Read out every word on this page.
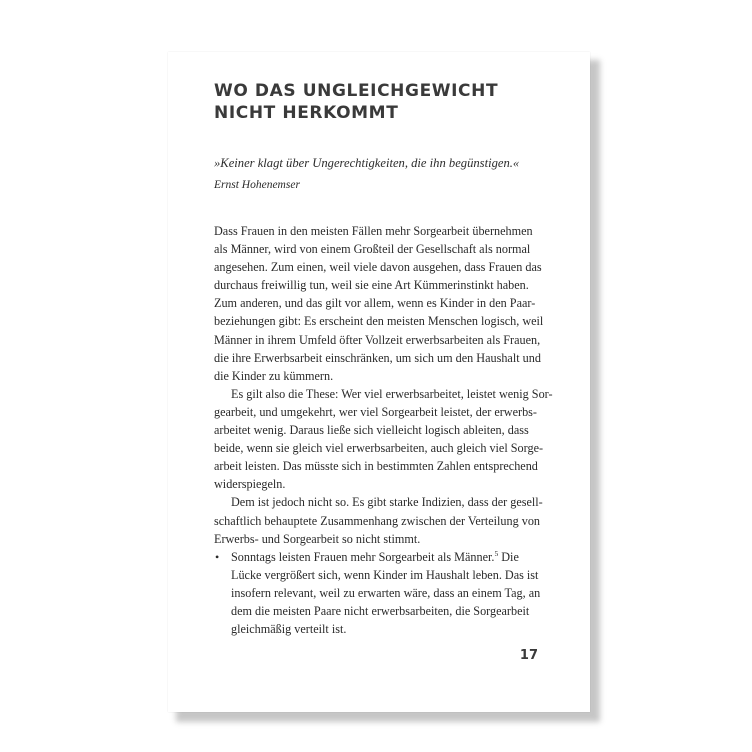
WO DAS UNGLEICHGEWICHT
NICHT HERKOMMT

»Keiner klagt über Ungerechtigkeiten, die ihn begünstigen.«

Ernst Hohenemser

Dass Frauen in den meisten Fällen mehr Sorgearbeit übernehmen
als Männer, wird von einem Großteil der Gesellschaft als normal
angesehen. Zum einen, weil viele davon ausgehen, dass Frauen das
durchaus freiwillig tun, weil sie eine Art Kümmerinstinkt haben.
Zum anderen, und das gilt vor allem, wenn es Kinder in den Paar-
beziehungen gibt: Es erscheint den meisten Menschen logisch, weil
Männer in ihrem Umfeld öfter Vollzeit erwerbsarbeiten als Frauen,
die ihre Erwerbsarbeit einschränken, um sich um den Haushalt und
die Kinder zu kümmern.

Es gilt also die These: Wer viel erwerbsarbeitet, leistet wenig Sor-
gearbeit, und umgekehrt, wer viel Sorgearbeit leistet, der erwerbs-
arbeitet wenig. Daraus ließe sich vielleicht logisch ableiten, dass
beide, wenn sie gleich viel erwerbsarbeiten, auch gleich viel Sorge-
arbeit leisten. Das müsste sich in bestimmten Zahlen entsprechend
widerspiegeln.

Dem ist jedoch nicht so. Es gibt starke Indizien, dass der gesell-
schaftlich behauptete Zusammenhang zwischen der Verteilung von
Erwerbs- und Sorgearbeit so nicht stimmt.

• Sonntags leisten Frauen mehr Sorgearbeit als Männer.$^5$ Die
Lücke vergrößert sich, wenn Kinder im Haushalt leben. Das ist
insofern relevant, weil zu erwarten wäre, dass an einem Tag, an
dem die meisten Paare nicht erwerbsarbeiten, die Sorgearbeit
gleichmäßig verteilt ist.
17
